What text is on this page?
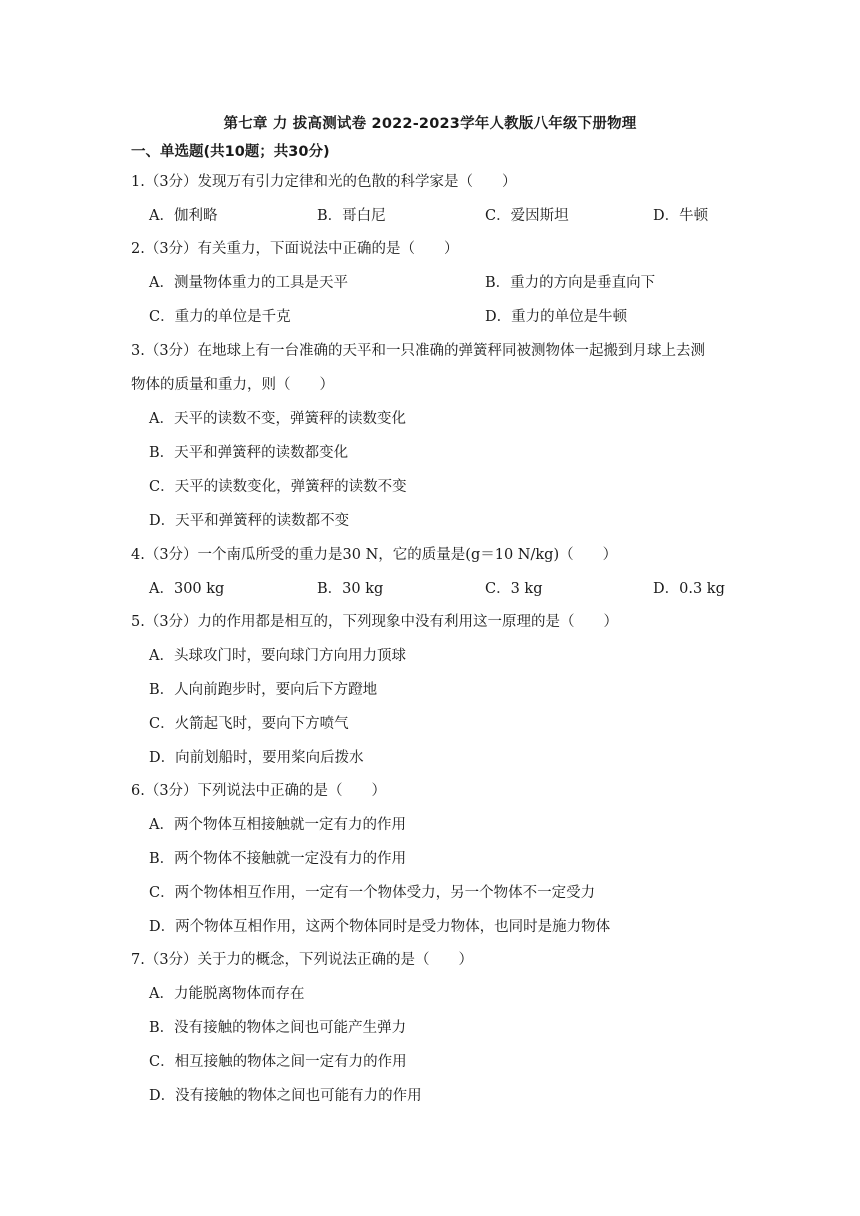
第七章 力 拔高测试卷 2022-2023学年人教版八年级下册物理
一、单选题(共10题；共30分)
1.（3分）发现万有引力定律和光的色散的科学家是（　　）
A．伽利略	B．哥白尼	C．爱因斯坦	D．牛顿
2.（3分）有关重力，下面说法中正确的是（　　）
A．测量物体重力的工具是天平	B．重力的方向是垂直向下
C．重力的单位是千克	D．重力的单位是牛顿
3.（3分）在地球上有一台准确的天平和一只准确的弹簧秤同被测物体一起搬到月球上去测
物体的质量和重力，则（　　）
A．天平的读数不变，弹簧秤的读数变化
B．天平和弹簧秤的读数都变化
C．天平的读数变化，弹簧秤的读数不变
D．天平和弹簧秤的读数都不变
4.（3分）一个南瓜所受的重力是30 N，它的质量是(g＝10 N/kg)（　　）
A．300 kg	B．30 kg	C．3 kg	D．0.3 kg
5.（3分）力的作用都是相互的，下列现象中没有利用这一原理的是（　　）
A．头球攻门时，要向球门方向用力顶球
B．人向前跑步时，要向后下方蹬地
C．火箭起飞时，要向下方喷气
D．向前划船时，要用桨向后拨水
6.（3分）下列说法中正确的是（　　）
A．两个物体互相接触就一定有力的作用
B．两个物体不接触就一定没有力的作用
C．两个物体相互作用，一定有一个物体受力，另一个物体不一定受力
D．两个物体互相作用，这两个物体同时是受力物体，也同时是施力物体
7.（3分）关于力的概念，下列说法正确的是（　　）
A．力能脱离物体而存在
B．没有接触的物体之间也可能产生弹力
C．相互接触的物体之间一定有力的作用
D．没有接触的物体之间也可能有力的作用
